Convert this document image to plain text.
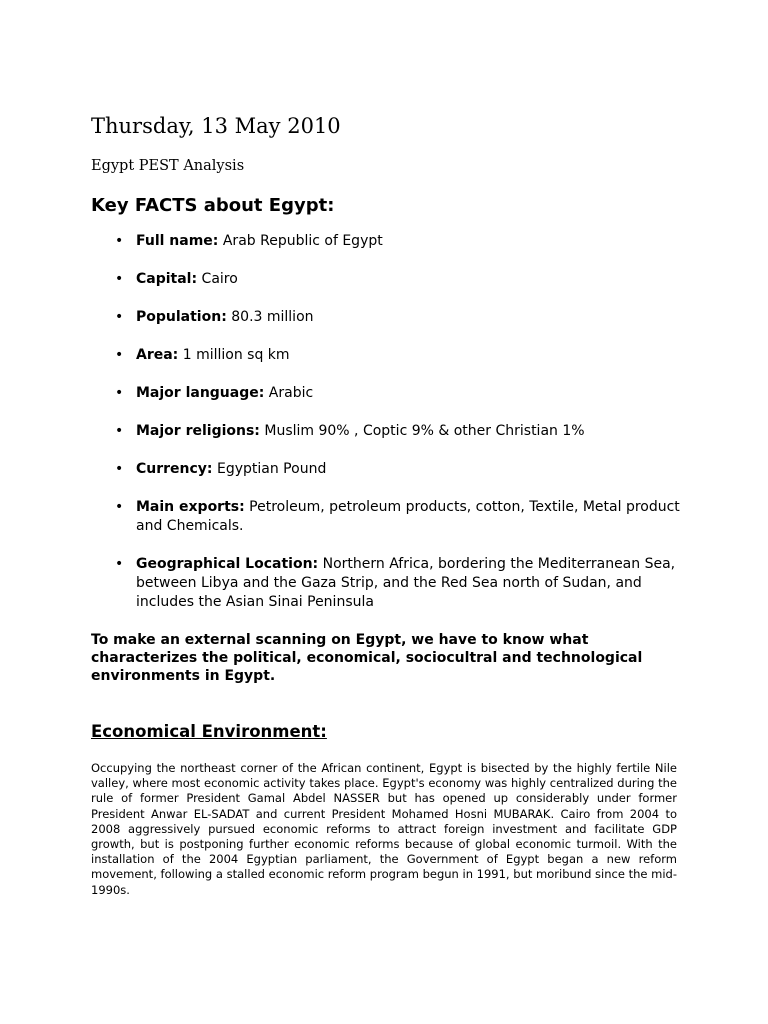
Thursday, 13 May 2010
Egypt PEST Analysis
Key FACTS about Egypt:
• Full name: Arab Republic of Egypt
• Capital: Cairo
• Population: 80.3 million
• Area: 1 million sq km
• Major language: Arabic
• Major religions: Muslim 90% , Coptic 9% & other Christian 1%
• Currency: Egyptian Pound
• Main exports: Petroleum, petroleum products, cotton, Textile, Metal product and Chemicals.
• Geographical Location: Northern Africa, bordering the Mediterranean Sea, between Libya and the Gaza Strip, and the Red Sea north of Sudan, and includes the Asian Sinai Peninsula

To make an external scanning on Egypt, we have to know what characterizes the political, economical, sociocultral and technological environments in Egypt.

Economical Environment:

Occupying the northeast corner of the African continent, Egypt is bisected by the highly fertile Nile valley, where most economic activity takes place. Egypt's economy was highly centralized during the rule of former President Gamal Abdel NASSER but has opened up considerably under former President Anwar EL-SADAT and current President Mohamed Hosni MUBARAK. Cairo from 2004 to 2008 aggressively pursued economic reforms to attract foreign investment and facilitate GDP growth, but is postponing further economic reforms because of global economic turmoil. With the installation of the 2004 Egyptian parliament, the Government of Egypt began a new reform movement, following a stalled economic reform program begun in 1991, but moribund since the mid-1990s.
